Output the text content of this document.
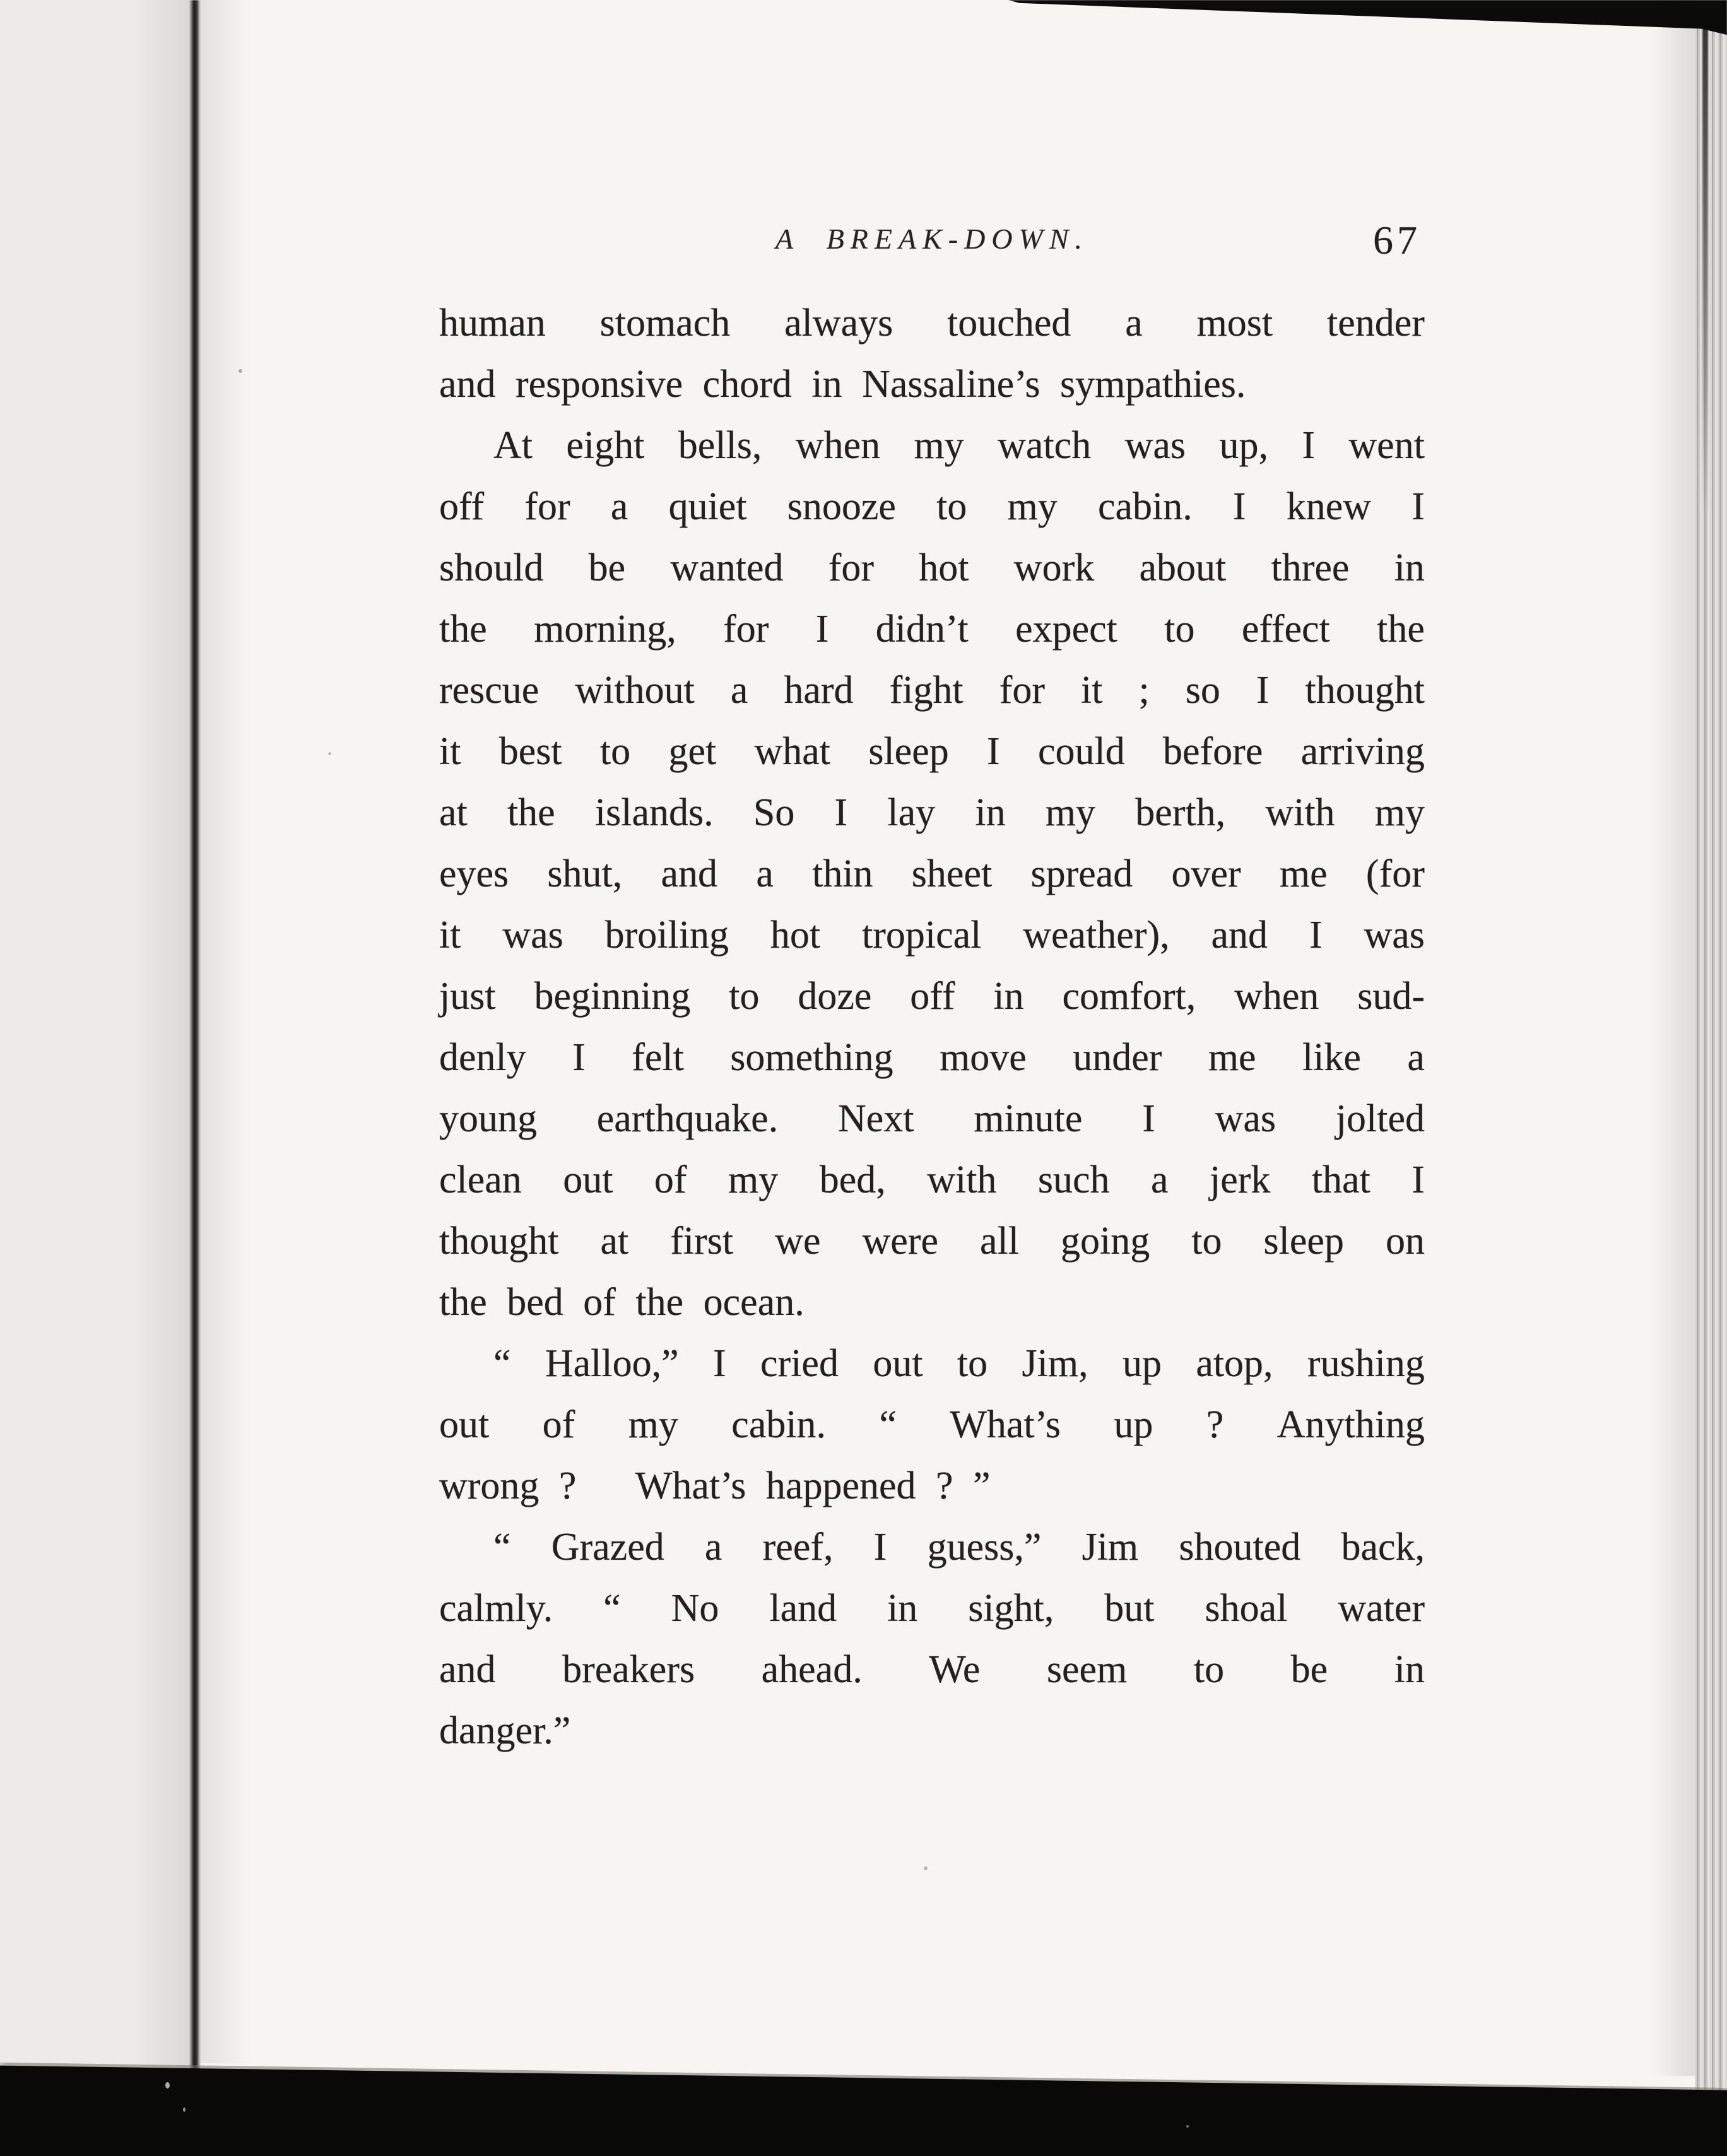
A BREAK-DOWN.	67
human stomach always touched a most tender
and responsive chord in Nassaline’s sympathies.
At eight bells, when my watch was up, I went
off for a quiet snooze to my cabin. I knew I
should be wanted for hot work about three in
the morning, for I didn’t expect to effect the
rescue without a hard fight for it ; so I thought
it best to get what sleep I could before arriving
at the islands. So I lay in my berth, with my
eyes shut, and a thin sheet spread over me (for
it was broiling hot tropical weather), and I was
just beginning to doze off in comfort, when sud-
denly I felt something move under me like a
young earthquake. Next minute I was jolted
clean out of my bed, with such a jerk that I
thought at first we were all going to sleep on
the bed of the ocean.
“ Halloo,” I cried out to Jim, up atop, rushing
out of my cabin. “ What’s up ? Anything
wrong ?   What’s happened ? ”
“ Grazed a reef, I guess,” Jim shouted back,
calmly. “ No land in sight, but shoal water
and breakers ahead. We seem to be in
danger.”
